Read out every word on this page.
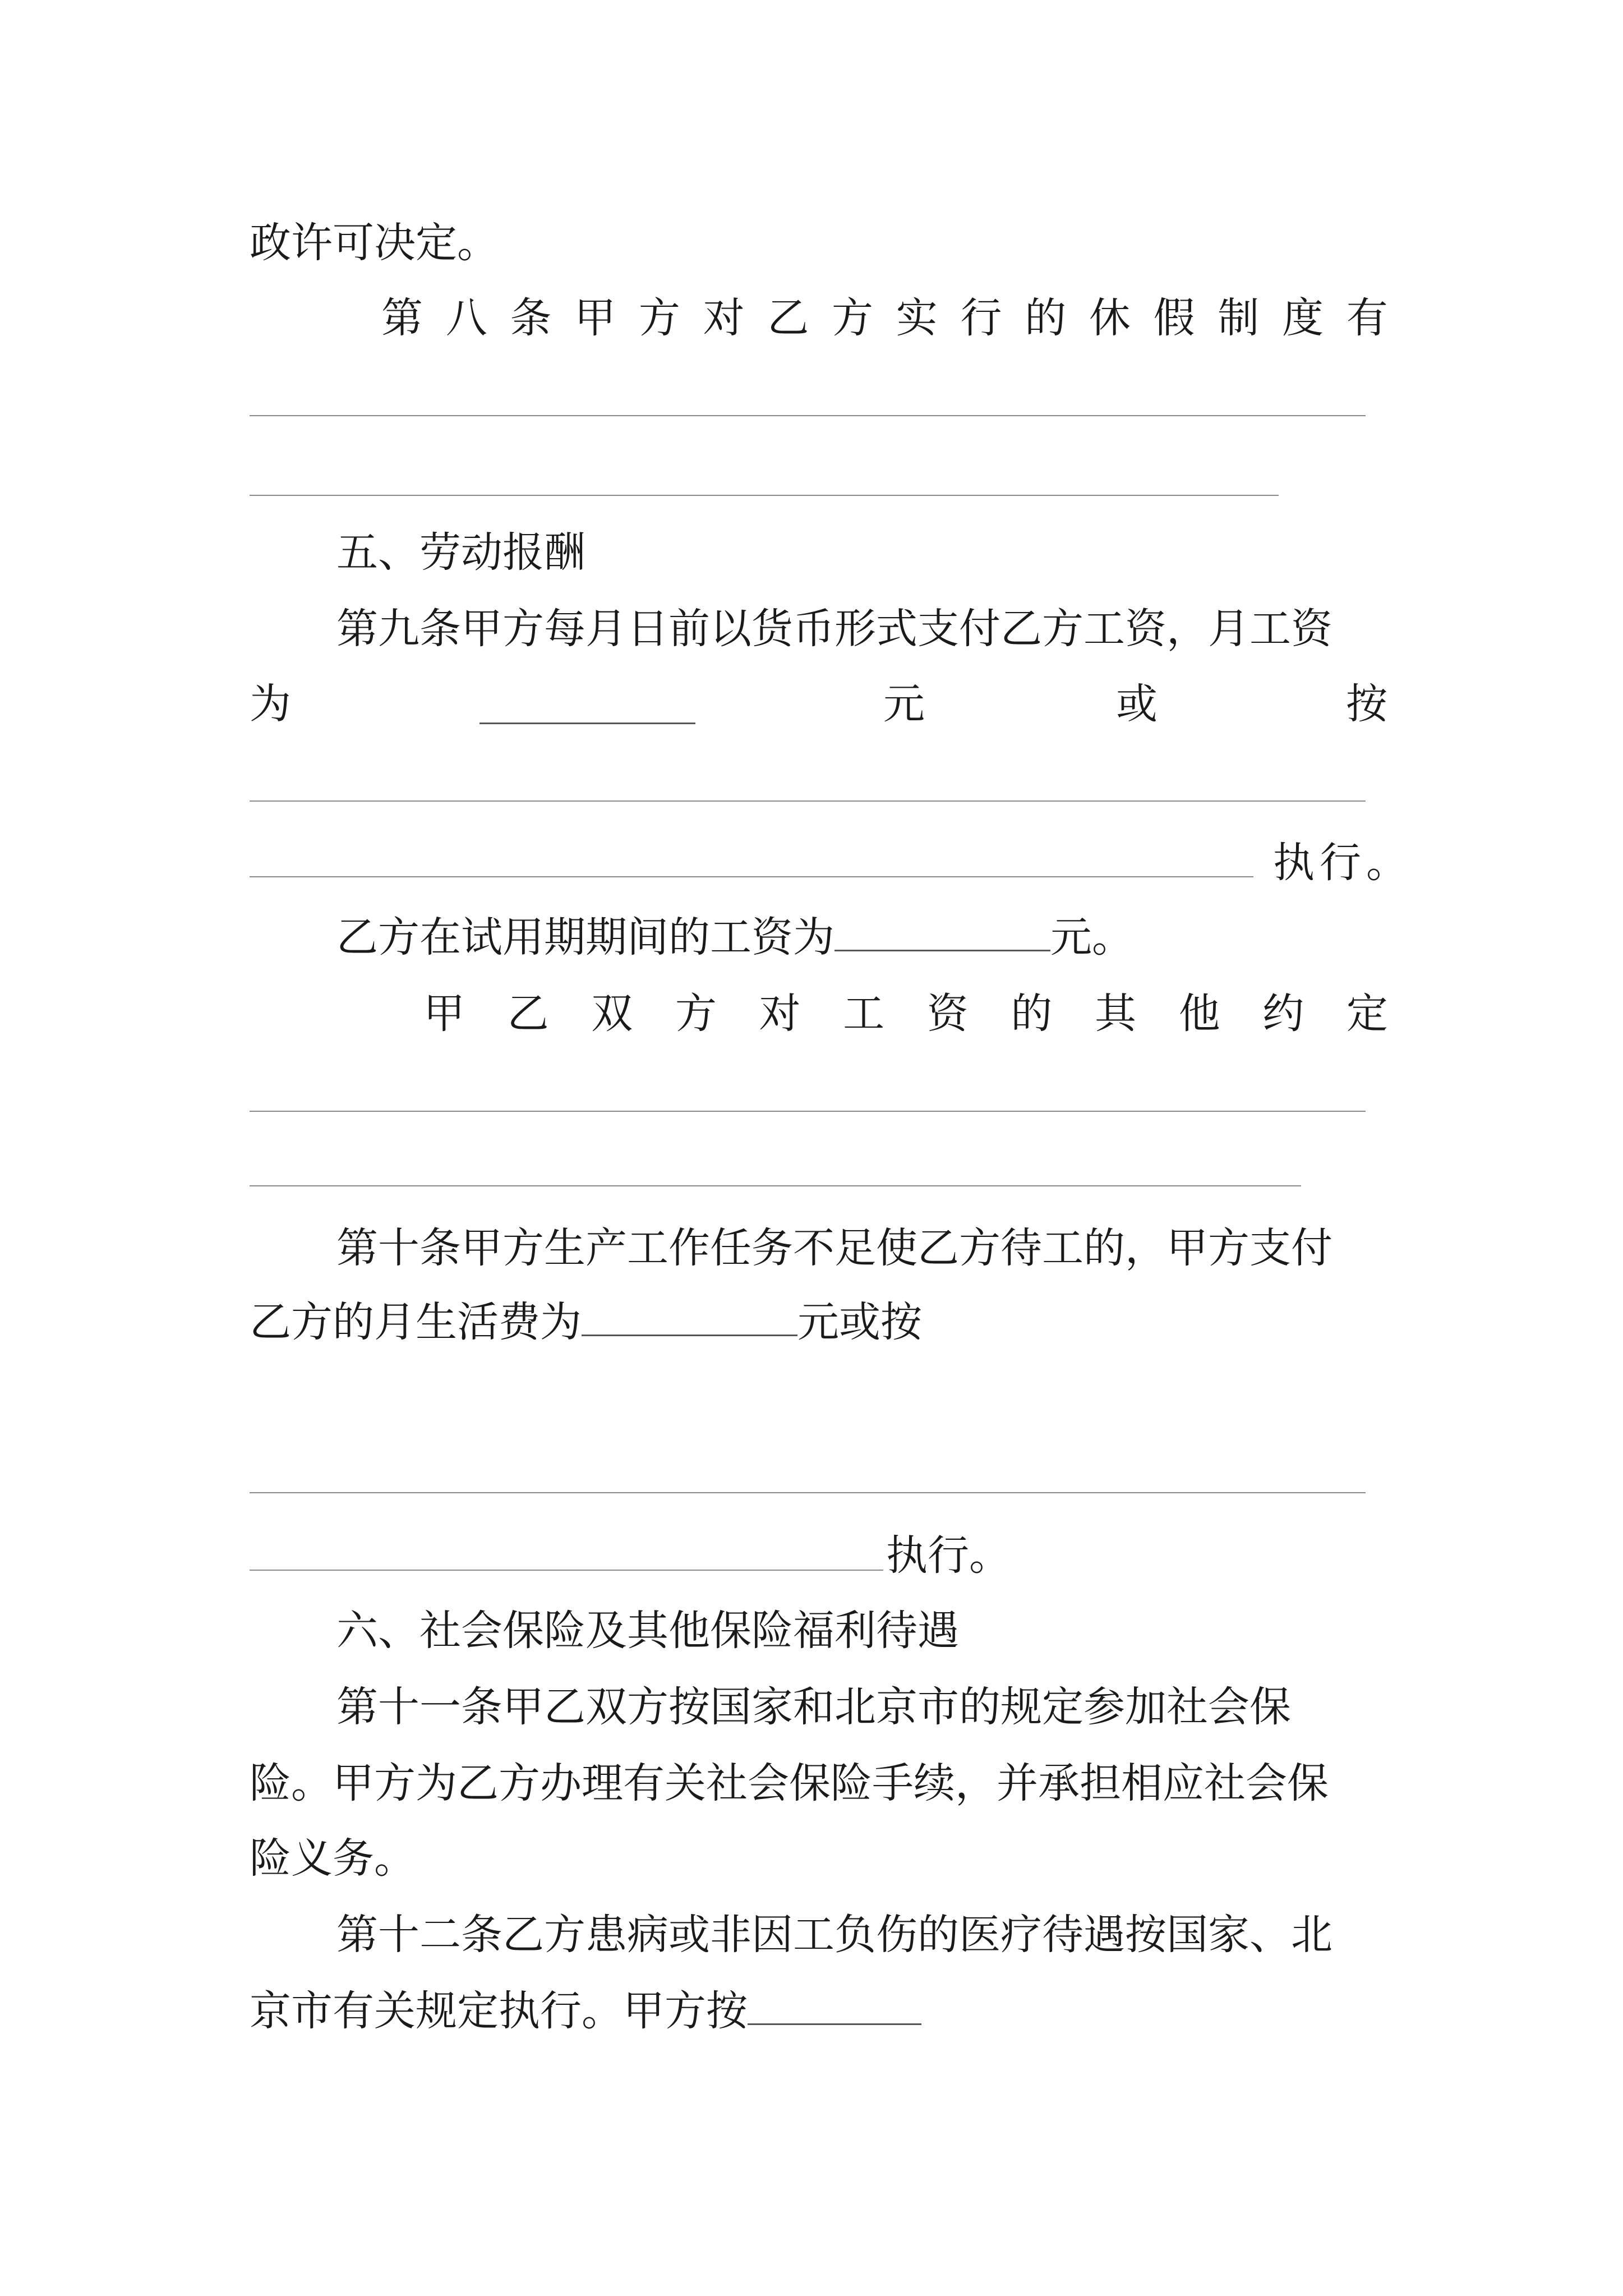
政许可决定。
第 八 条 甲 方 对 乙 方 实 行 的 休 假 制 度 有
五、劳动报酬
第九条甲方每月日前以货币形式支付乙方工资，月工资
为	元	或	按
执 行 。
乙方在试用期期间的工资为	元。
甲 乙 双 方 对 工 资 的 其 他 约 定
第十条甲方生产工作任务不足使乙方待工的，甲方支付
乙方的月生活费为	元或按
执行。
六、社会保险及其他保险福利待遇
第十一条甲乙双方按国家和北京市的规定参加社会保
险。甲方为乙方办理有关社会保险手续，并承担相应社会保
险义务。
第十二条乙方患病或非因工负伤的医疗待遇按国家、北
京市有关规定执行。甲方按
